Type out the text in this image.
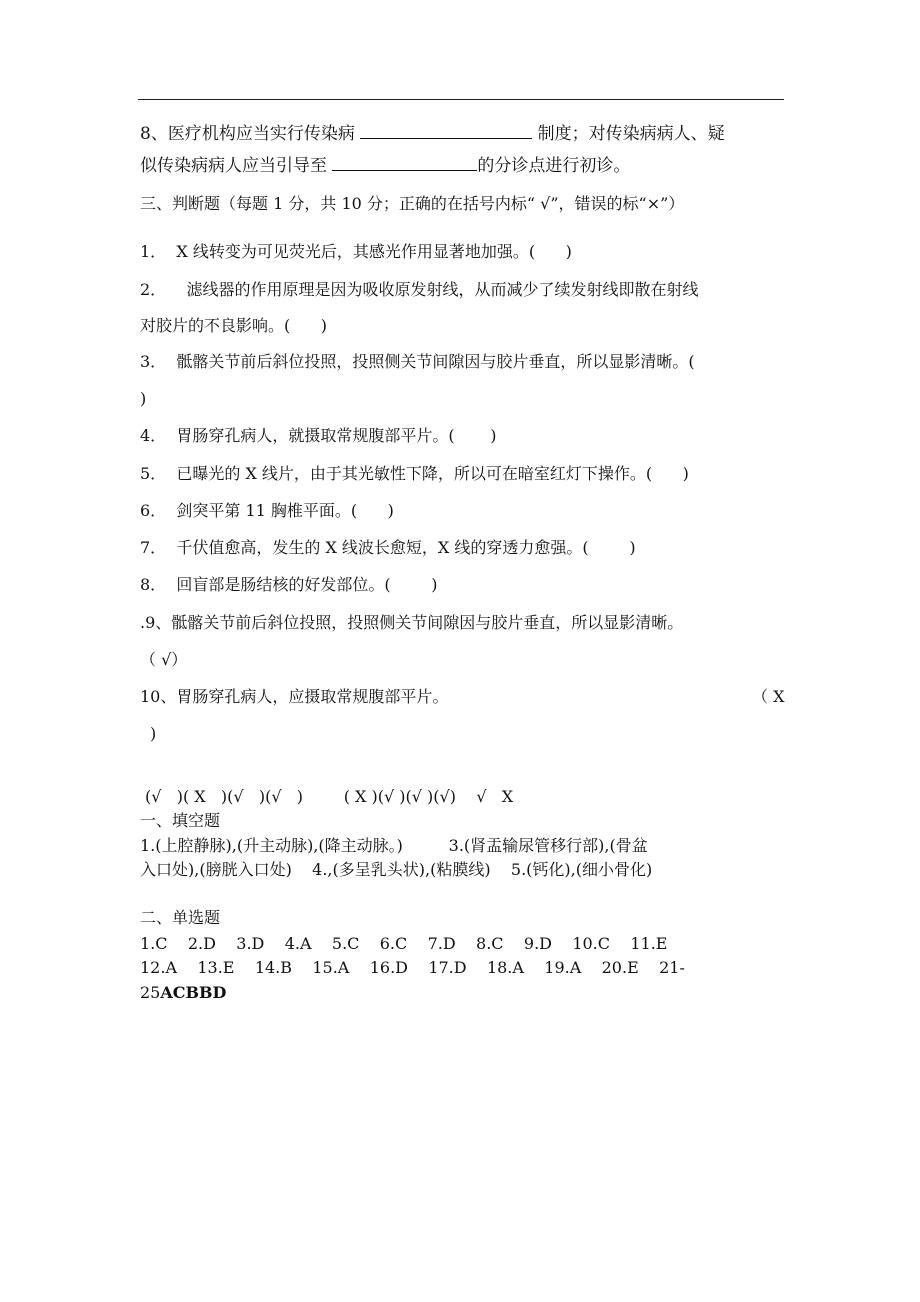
8、医疗机构应当实行传染病	制度；对传染病病人、疑
似传染病病人应当引导至	的分诊点进行初诊。
三、判断题（每题 1 分，共 10 分；正确的在括号内标“ √”，错误的标“×”）
1．  X 线转变为可见荧光后，其感光作用显著地加强。(      )
2．    滤线器的作用原理是因为吸收原发射线，从而减少了续发射线即散在射线
对胶片的不良影响。(      )
3．  骶髂关节前后斜位投照，投照侧关节间隙因与胶片垂直，所以显影清晰。(
)
4．  胃肠穿孔病人，就摄取常规腹部平片。(       )
5．  已曝光的 X 线片，由于其光敏性下降，所以可在暗室红灯下操作。(      )
6．  剑突平第 11 胸椎平面。(      )
7．  千伏值愈高，发生的 X 线波长愈短，X 线的穿透力愈强。(        )
8．  回盲部是肠结核的好发部位。(        )
.9、骶髂关节前后斜位投照，投照侧关节间隙因与胶片垂直，所以显影清晰。
（ √）
10、胃肠穿孔病人，应摄取常规腹部平片。	（ X
)
(√   )( X   )(√   )(√   )        ( X )(√ )(√ )(√)    √   X
一、填空题
1.(上腔静脉),(升主动脉),(降主动脉。)         3.(肾盂输尿管移行部),(骨盆
入口处),(膀胱入口处)    4.,(多呈乳头状),(粘膜线)    5.(钙化),(细小骨化)
二、单选题
1.C    2.D    3.D    4.A    5.C    6.C    7.D    8.C    9.D    10.C    11.E
12.A    13.E    14.B    15.A    16.D    17.D    18.A    19.A    20.E    21-
25ACBBD
